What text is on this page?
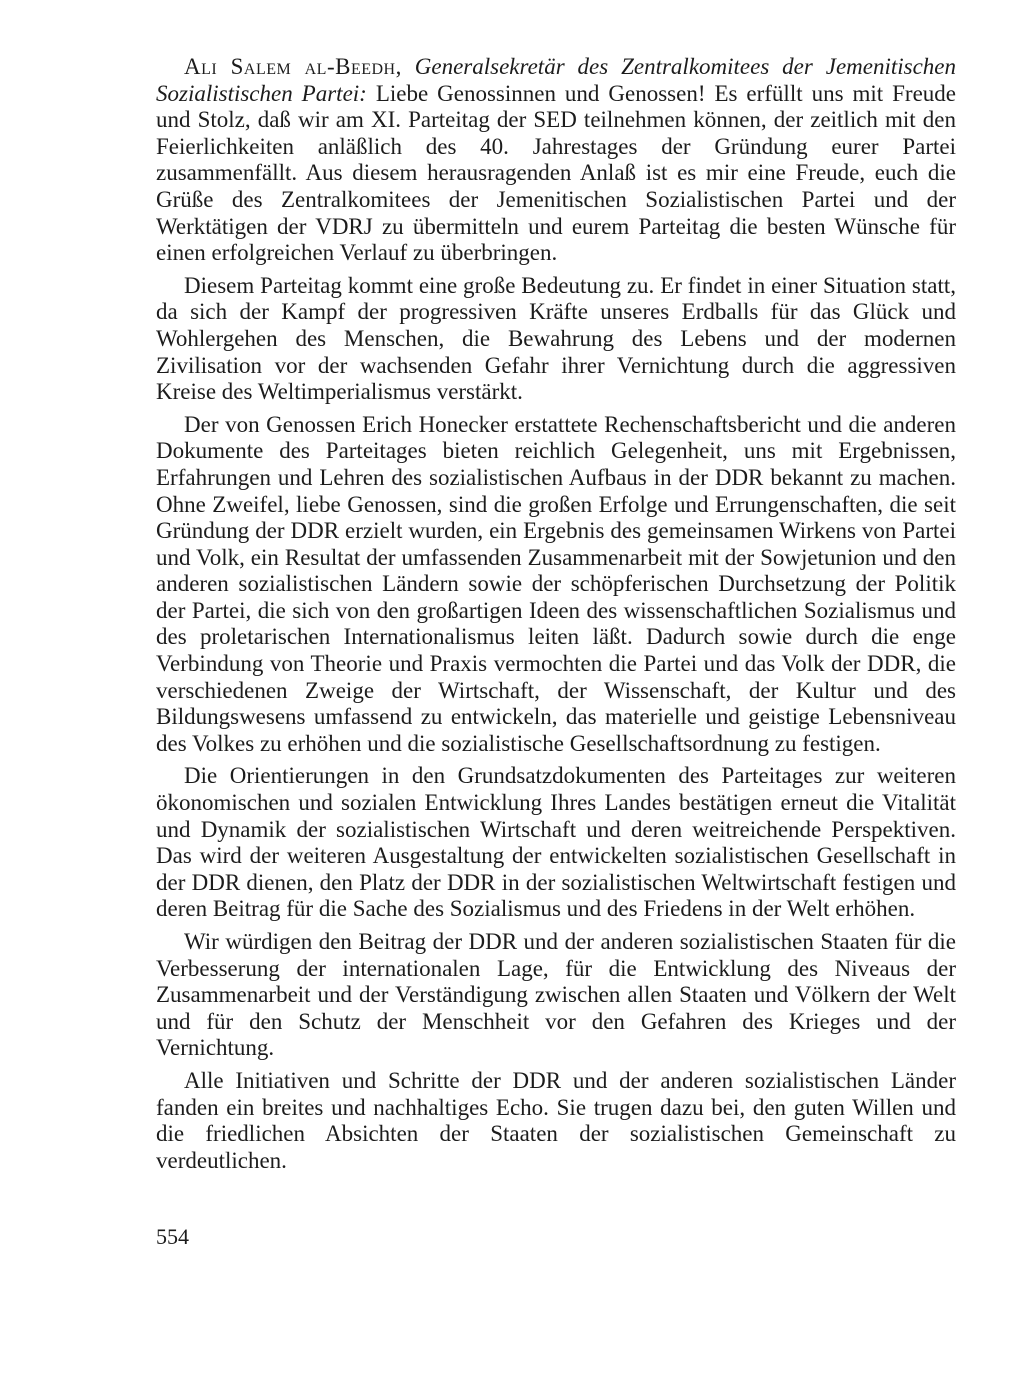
Ali Salem al-Beedh, Generalsekretär des Zentralkomitees der Jemenitischen Sozialistischen Partei: Liebe Genossinnen und Genossen! Es erfüllt uns mit Freude und Stolz, daß wir am XI. Parteitag der SED teilnehmen können, der zeitlich mit den Feierlichkeiten anläßlich des 40. Jahrestages der Gründung eurer Partei zusammenfällt. Aus diesem herausragenden Anlaß ist es mir eine Freude, euch die Grüße des Zentralkomitees der Jemenitischen Sozialistischen Partei und der Werktätigen der VDRJ zu übermitteln und eurem Parteitag die besten Wünsche für einen erfolgreichen Verlauf zu überbringen.

Diesem Parteitag kommt eine große Bedeutung zu. Er findet in einer Situation statt, da sich der Kampf der progressiven Kräfte unseres Erdballs für das Glück und Wohlergehen des Menschen, die Bewahrung des Lebens und der modernen Zivilisation vor der wachsenden Gefahr ihrer Vernichtung durch die aggressiven Kreise des Weltimperialismus verstärkt.

Der von Genossen Erich Honecker erstattete Rechenschaftsbericht und die anderen Dokumente des Parteitages bieten reichlich Gelegenheit, uns mit Ergebnissen, Erfahrungen und Lehren des sozialistischen Aufbaus in der DDR bekannt zu machen. Ohne Zweifel, liebe Genossen, sind die großen Erfolge und Errungenschaften, die seit Gründung der DDR erzielt wurden, ein Ergebnis des gemeinsamen Wirkens von Partei und Volk, ein Resultat der umfassenden Zusammenarbeit mit der Sowjetunion und den anderen sozialistischen Ländern sowie der schöpferischen Durchsetzung der Politik der Partei, die sich von den großartigen Ideen des wissenschaftlichen Sozialismus und des proletarischen Internationalismus leiten läßt. Dadurch sowie durch die enge Verbindung von Theorie und Praxis vermochten die Partei und das Volk der DDR, die verschiedenen Zweige der Wirtschaft, der Wissenschaft, der Kultur und des Bildungswesens umfassend zu entwickeln, das materielle und geistige Lebensniveau des Volkes zu erhöhen und die sozialistische Gesellschaftsordnung zu festigen.

Die Orientierungen in den Grundsatzdokumenten des Parteitages zur weiteren ökonomischen und sozialen Entwicklung Ihres Landes bestätigen erneut die Vitalität und Dynamik der sozialistischen Wirtschaft und deren weitreichende Perspektiven. Das wird der weiteren Ausgestaltung der entwickelten sozialistischen Gesellschaft in der DDR dienen, den Platz der DDR in der sozialistischen Weltwirtschaft festigen und deren Beitrag für die Sache des Sozialismus und des Friedens in der Welt erhöhen.

Wir würdigen den Beitrag der DDR und der anderen sozialistischen Staaten für die Verbesserung der internationalen Lage, für die Entwicklung des Niveaus der Zusammenarbeit und der Verständigung zwischen allen Staaten und Völkern der Welt und für den Schutz der Menschheit vor den Gefahren des Krieges und der Vernichtung.

Alle Initiativen und Schritte der DDR und der anderen sozialistischen Länder fanden ein breites und nachhaltiges Echo. Sie trugen dazu bei, den guten Willen und die friedlichen Absichten der Staaten der sozialistischen Gemeinschaft zu verdeutlichen.

554
